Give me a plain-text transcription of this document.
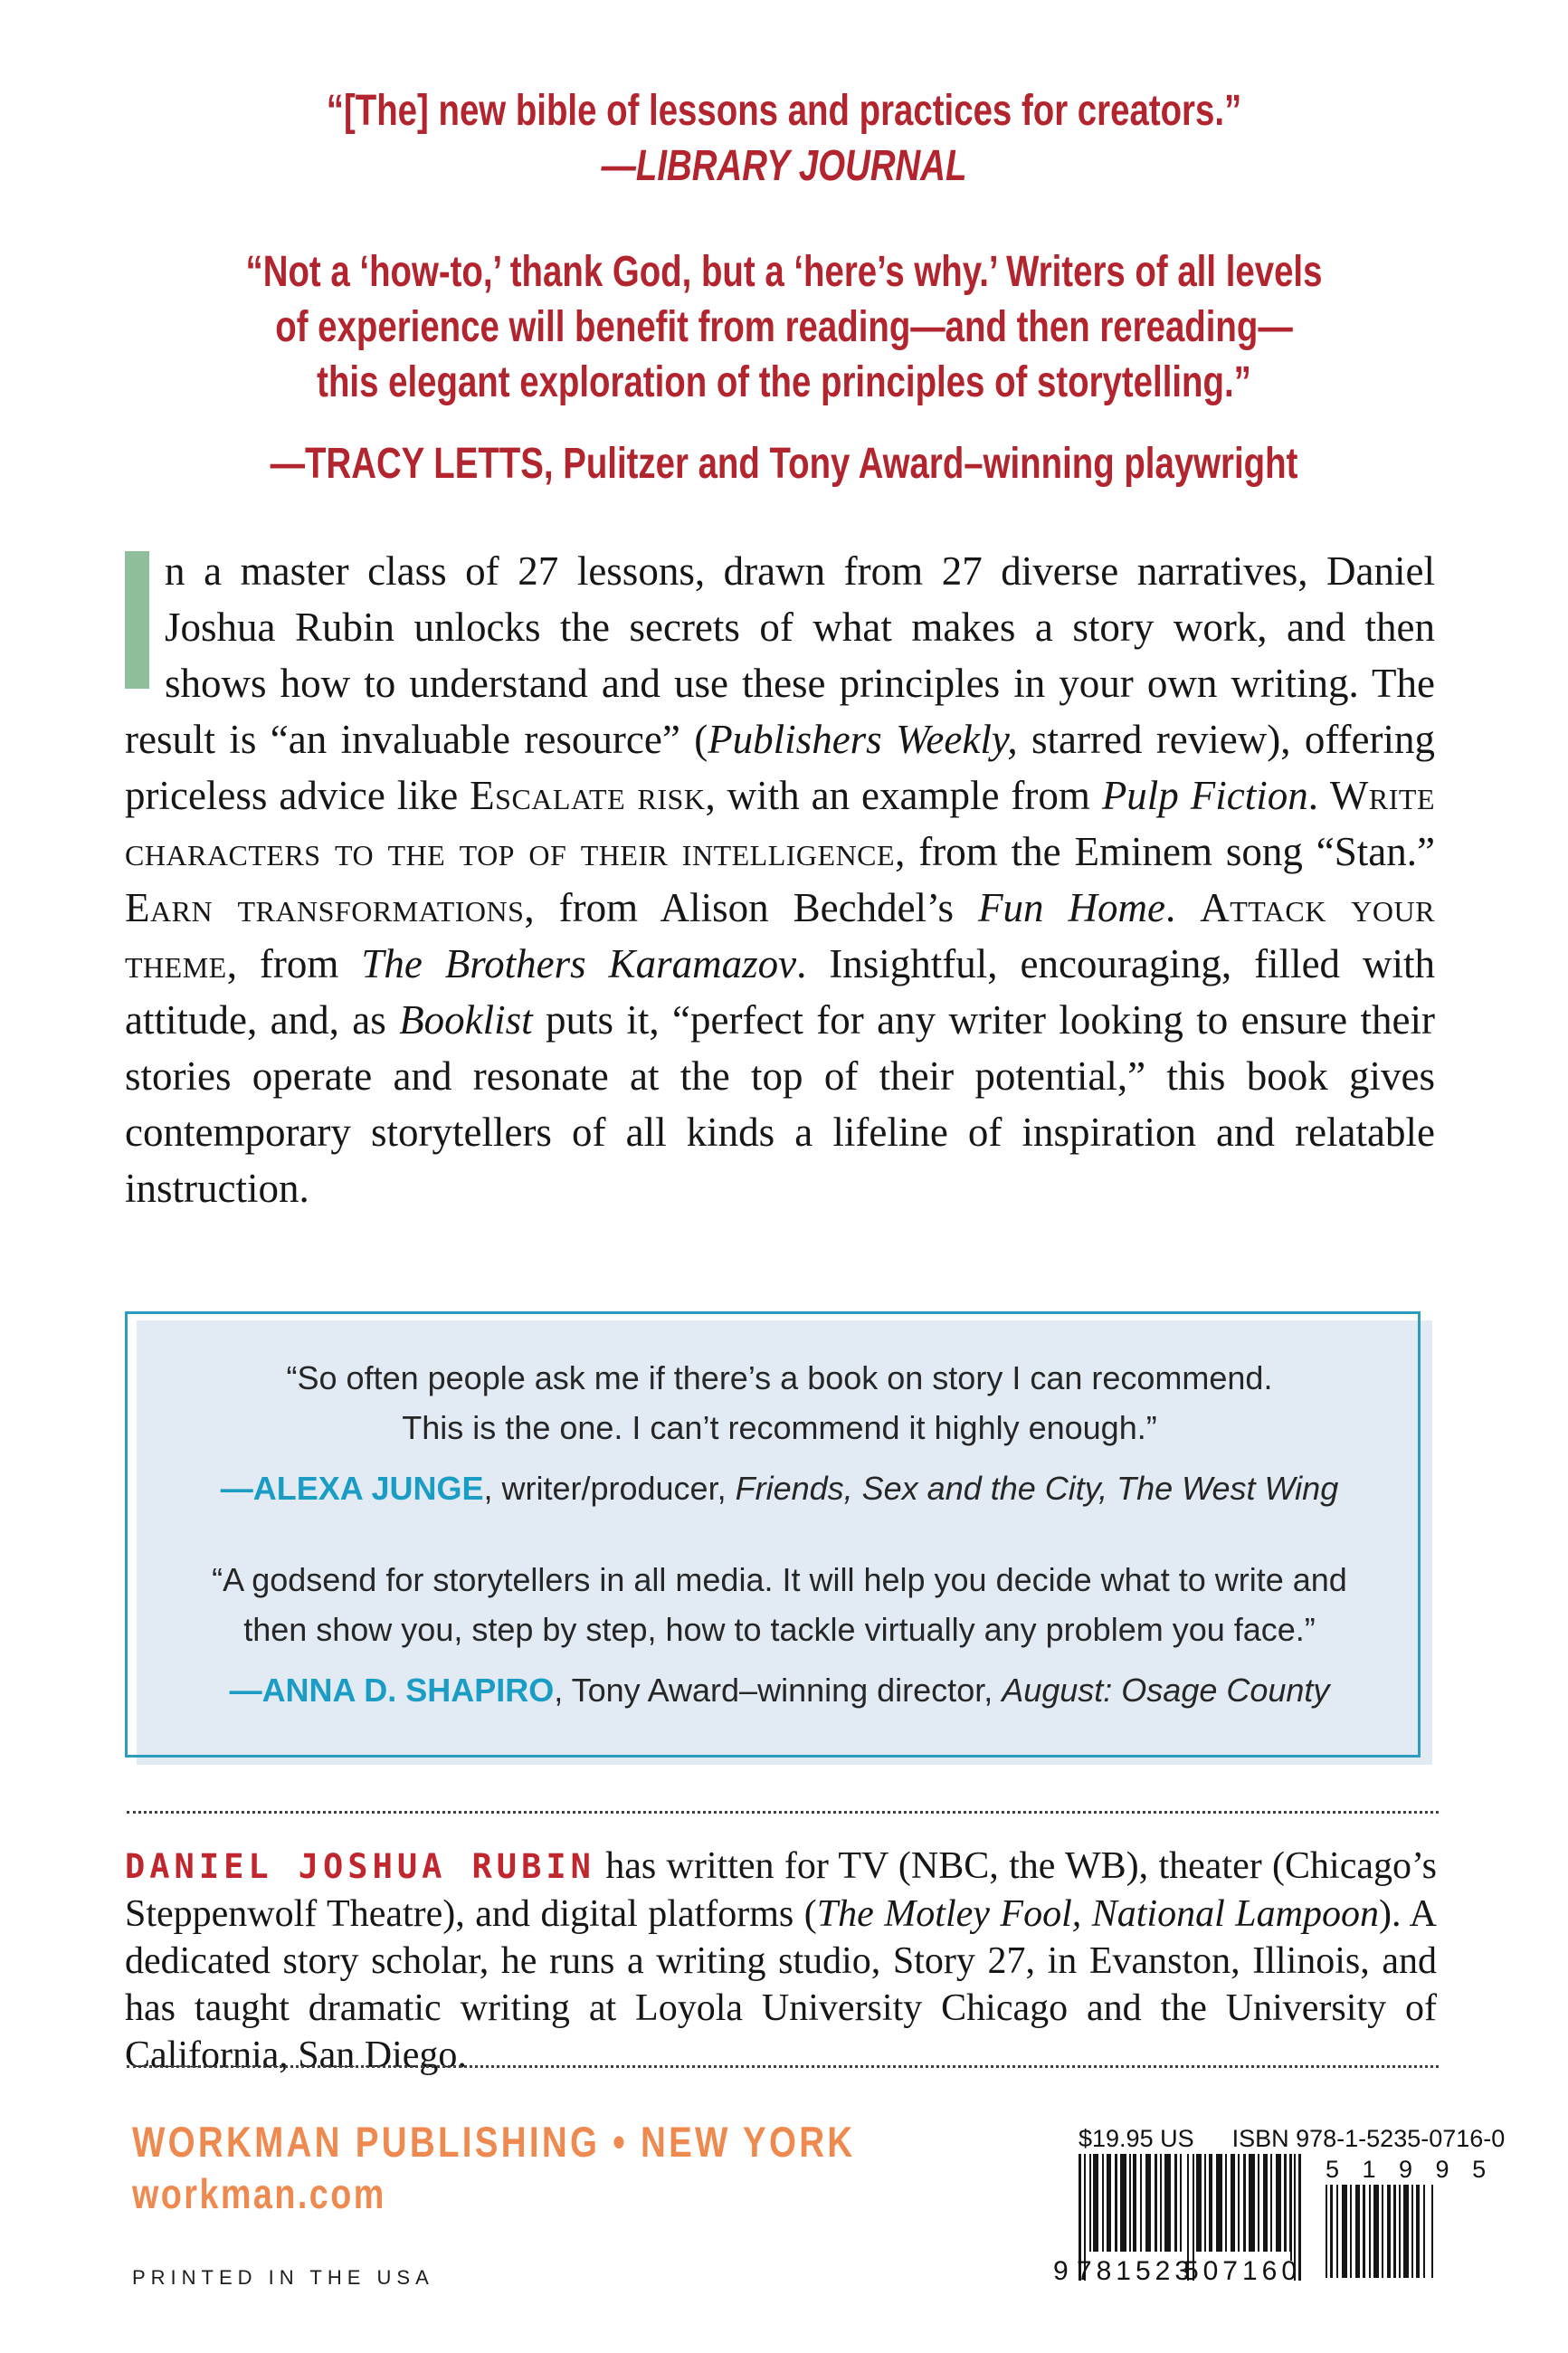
“[The] new bible of lessons and practices for creators.”
—LIBRARY JOURNAL
“Not a ‘how-to,’ thank God, but a ‘here’s why.’ Writers of all levels
of experience will benefit from reading—and then rereading—
this elegant exploration of the principles of storytelling.”
—TRACY LETTS, Pulitzer and Tony Award–winning playwright
n a master class of 27 lessons, drawn from 27 diverse narratives, Daniel Joshua Rubin unlocks the secrets of what makes a story work, and then shows how to understand and use these principles in your own writing. The result is “an invaluable resource” (Publishers Weekly, starred review), offering priceless advice like Escalate risk, with an example from Pulp Fiction. Write characters to the top of their intelligence, from the Eminem song “Stan.” Earn transformations, from Alison Bechdel’s Fun Home. Attack your theme, from The Brothers Karamazov. Insightful, encouraging, filled with attitude, and, as Booklist puts it, “perfect for any writer looking to ensure their stories operate and resonate at the top of their potential,” this book gives contemporary storytellers of all kinds a lifeline of inspiration and relatable instruction.
“So often people ask me if there’s a book on story I can recommend.
This is the one. I can’t recommend it highly enough.”
—ALEXA JUNGE, writer/producer, Friends, Sex and the City, The West Wing
“A godsend for storytellers in all media. It will help you decide what to write and
then show you, step by step, how to tackle virtually any problem you face.”
—ANNA D. SHAPIRO, Tony Award–winning director, August: Osage County
DANIEL JOSHUA RUBIN has written for TV (NBC, the WB), theater (Chicago’s Steppenwolf Theatre), and digital platforms (The Motley Fool, National Lampoon). A dedicated story scholar, he runs a writing studio, Story 27, in Evanston, Illinois, and has taught dramatic writing at Loyola University Chicago and the University of California, San Diego.
WORKMAN PUBLISHING • NEW YORK
workman.com
PRINTED IN THE USA
$19.95 US ISBN 978-1-5235-0716-0
9 781523
507160
5 1 9 9 5
